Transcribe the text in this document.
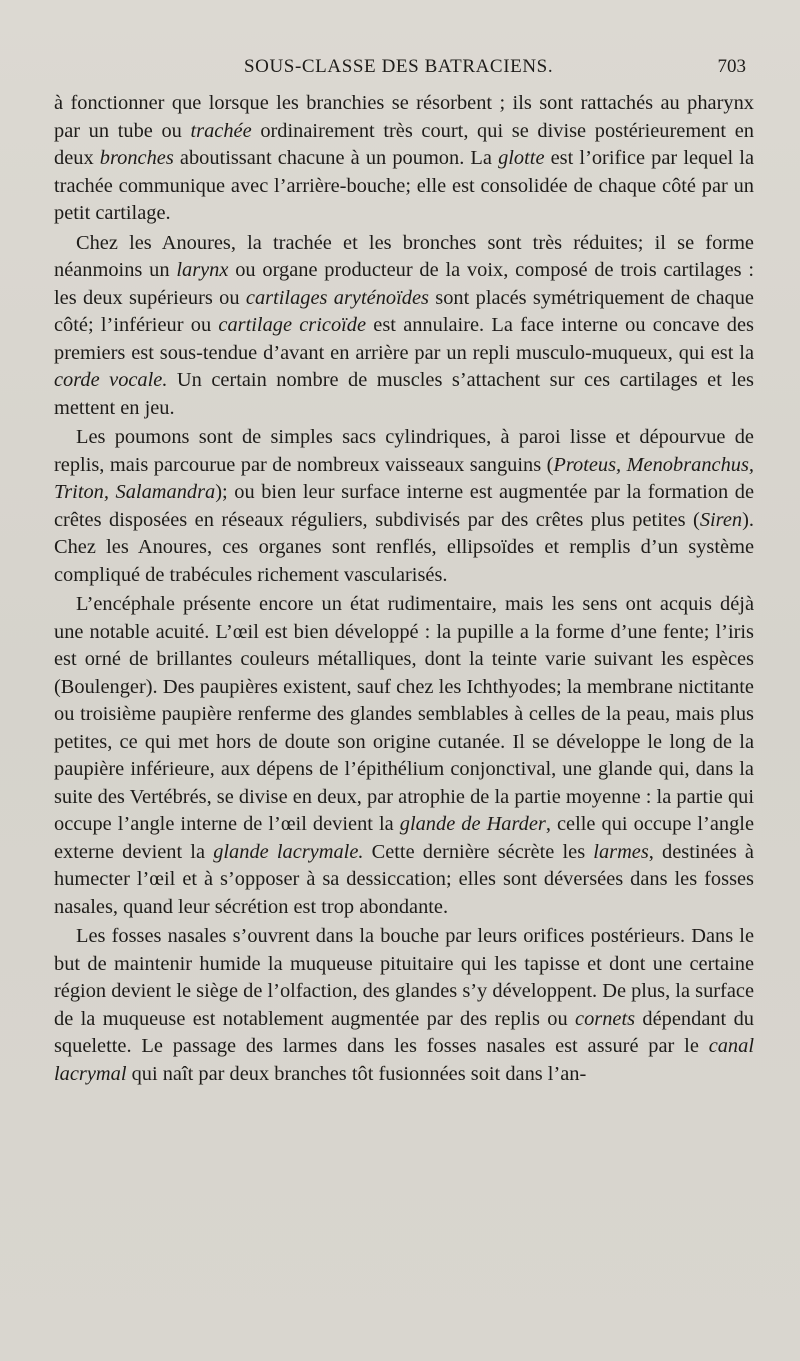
SOUS-CLASSE DES BATRACIENS.	703

à fonctionner que lorsque les branchies se résorbent ; ils sont rattachés au pharynx par un tube ou trachée ordinairement très court, qui se divise postérieurement en deux bronches aboutissant chacune à un poumon. La glotte est l’orifice par lequel la trachée communique avec l’arrière-bouche; elle est consolidée de chaque côté par un petit cartilage.

Chez les Anoures, la trachée et les bronches sont très réduites; il se forme néanmoins un larynx ou organe producteur de la voix, composé de trois cartilages : les deux supérieurs ou cartilages aryténoïdes sont placés symétriquement de chaque côté; l’inférieur ou cartilage cricoïde est annulaire. La face interne ou concave des premiers est sous-tendue d’avant en arrière par un repli musculo-muqueux, qui est la corde vocale. Un certain nombre de muscles s’attachent sur ces cartilages et les mettent en jeu.

Les poumons sont de simples sacs cylindriques, à paroi lisse et dépourvue de replis, mais parcourue par de nombreux vaisseaux sanguins (Proteus, Menobranchus, Triton, Salamandra); ou bien leur surface interne est augmentée par la formation de crêtes disposées en réseaux réguliers, subdivisés par des crêtes plus petites (Siren). Chez les Anoures, ces organes sont renflés, ellipsoïdes et remplis d’un système compliqué de trabécules richement vascularisés.

L’encéphale présente encore un état rudimentaire, mais les sens ont acquis déjà une notable acuité. L’œil est bien développé : la pupille a la forme d’une fente; l’iris est orné de brillantes couleurs métalliques, dont la teinte varie suivant les espèces (Boulenger). Des paupières existent, sauf chez les Ichthyodes; la membrane nictitante ou troisième paupière renferme des glandes semblables à celles de la peau, mais plus petites, ce qui met hors de doute son origine cutanée. Il se développe le long de la paupière inférieure, aux dépens de l’épithélium conjonctival, une glande qui, dans la suite des Vertébrés, se divise en deux, par atrophie de la partie moyenne : la partie qui occupe l’angle interne de l’œil devient la glande de Harder, celle qui occupe l’angle externe devient la glande lacrymale. Cette dernière sécrète les larmes, destinées à humecter l’œil et à s’opposer à sa dessiccation; elles sont déversées dans les fosses nasales, quand leur sécrétion est trop abondante.

Les fosses nasales s’ouvrent dans la bouche par leurs orifices postérieurs. Dans le but de maintenir humide la muqueuse pituitaire qui les tapisse et dont une certaine région devient le siège de l’olfaction, des glandes s’y développent. De plus, la surface de la muqueuse est notablement augmentée par des replis ou cornets dépendant du squelette. Le passage des larmes dans les fosses nasales est assuré par le canal lacrymal qui naît par deux branches tôt fusionnées soit dans l’an-
